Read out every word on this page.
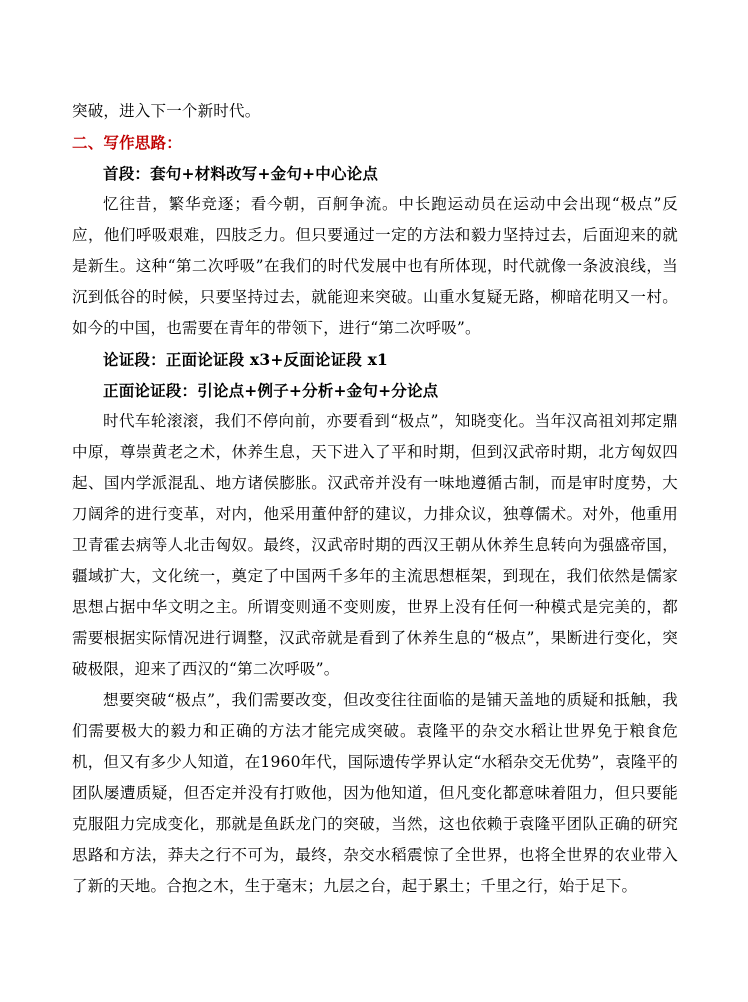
突破，进入下一个新时代。

二、写作思路：

首段：套句+材料改写+金句+中心论点

忆往昔，繁华竞逐；看今朝，百舸争流。中长跑运动员在运动中会出现“极点”反应，他们呼吸艰难，四肢乏力。但只要通过一定的方法和毅力坚持过去，后面迎来的就是新生。这种“第二次呼吸”在我们的时代发展中也有所体现，时代就像一条波浪线，当沉到低谷的时候，只要坚持过去，就能迎来突破。山重水复疑无路，柳暗花明又一村。如今的中国，也需要在青年的带领下，进行“第二次呼吸”。

论证段：正面论证段 x3+反面论证段 x1

正面论证段：引论点+例子+分析+金句+分论点

时代车轮滚滚，我们不停向前，亦要看到“极点”，知晓变化。当年汉高祖刘邦定鼎中原，尊崇黄老之术，休养生息，天下进入了平和时期，但到汉武帝时期，北方匈奴四起、国内学派混乱、地方诸侯膨胀。汉武帝并没有一味地遵循古制，而是审时度势，大刀阔斧的进行变革，对内，他采用董仲舒的建议，力排众议，独尊儒术。对外，他重用卫青霍去病等人北击匈奴。最终，汉武帝时期的西汉王朝从休养生息转向为强盛帝国，疆域扩大，文化统一，奠定了中国两千多年的主流思想框架，到现在，我们依然是儒家思想占据中华文明之主。所谓变则通不变则废，世界上没有任何一种模式是完美的，都需要根据实际情况进行调整，汉武帝就是看到了休养生息的“极点”，果断进行变化，突破极限，迎来了西汉的“第二次呼吸”。

想要突破“极点”，我们需要改变，但改变往往面临的是铺天盖地的质疑和抵触，我们需要极大的毅力和正确的方法才能完成突破。袁隆平的杂交水稻让世界免于粮食危机，但又有多少人知道，在1960年代，国际遗传学界认定“水稻杂交无优势”，袁隆平的团队屡遭质疑，但否定并没有打败他，因为他知道，但凡变化都意味着阻力，但只要能克服阻力完成变化，那就是鱼跃龙门的突破，当然，这也依赖于袁隆平团队正确的研究思路和方法，莽夫之行不可为，最终，杂交水稻震惊了全世界，也将全世界的农业带入了新的天地。合抱之木，生于毫末；九层之台，起于累土；千里之行，始于足下。
